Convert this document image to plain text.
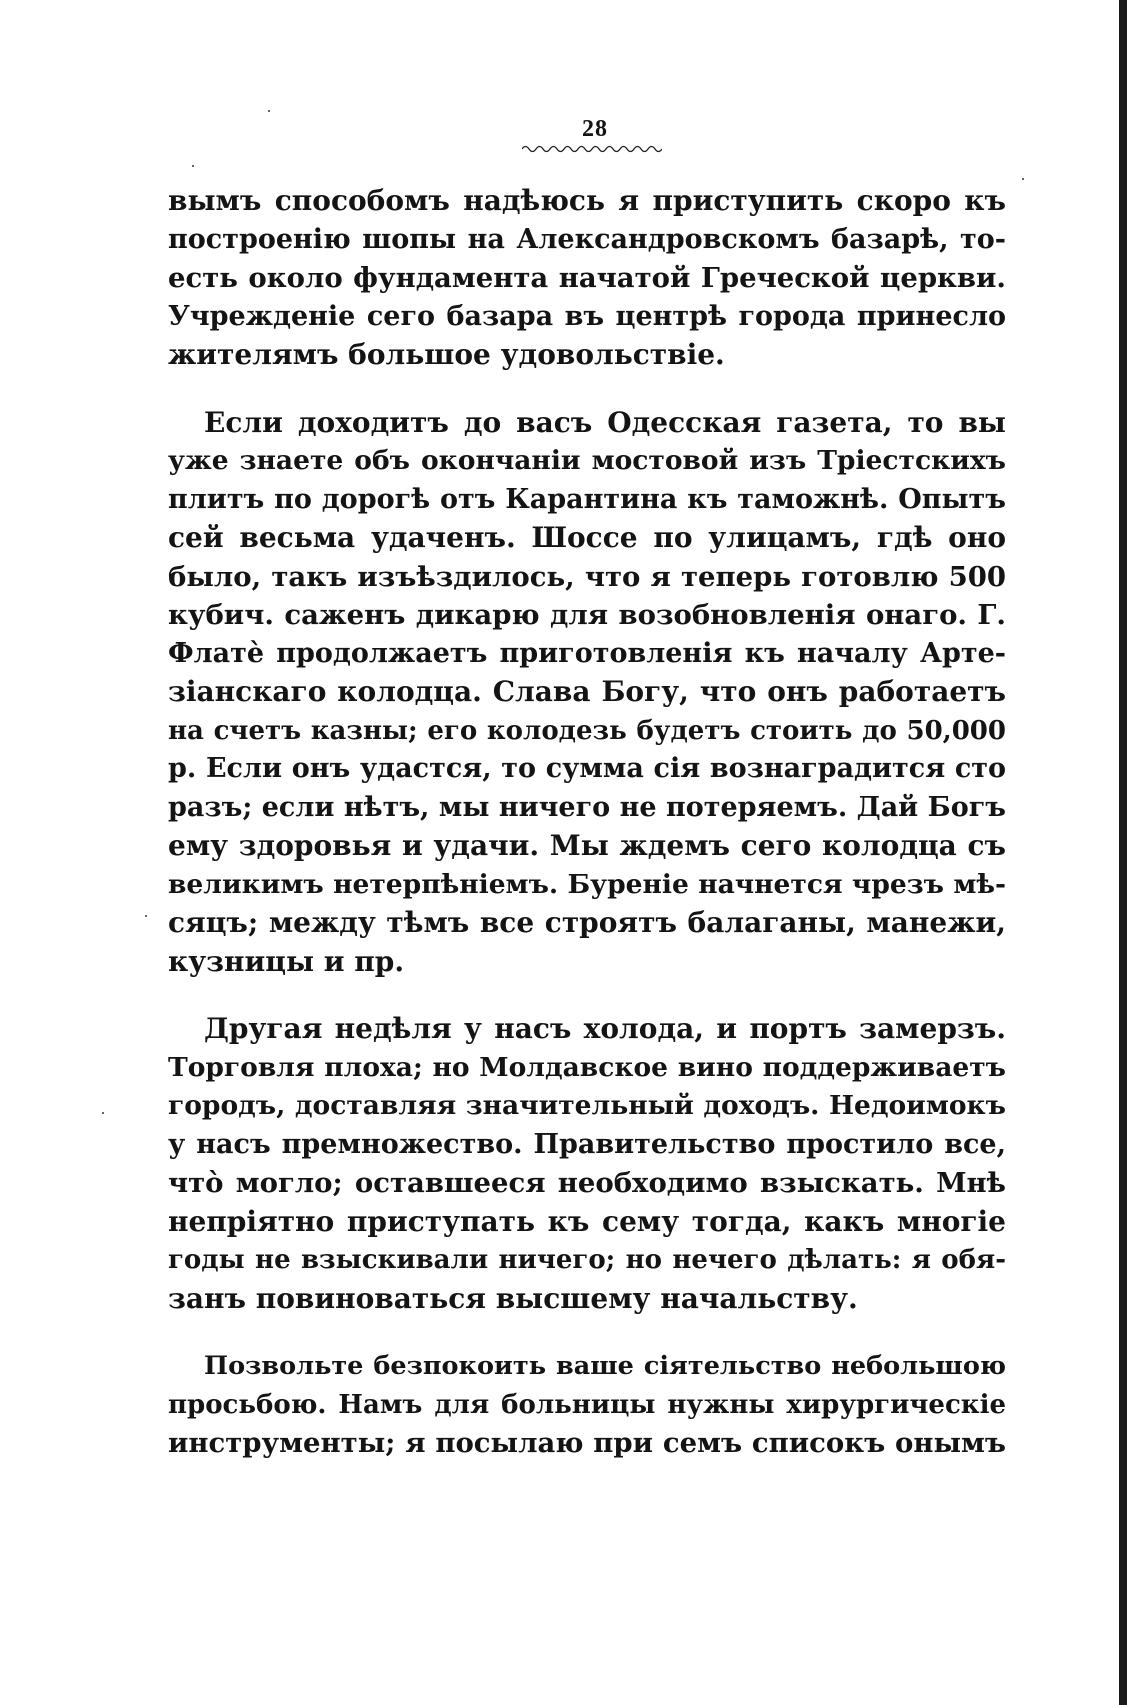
28
вымъ способомъ надѣюсь я приступить скоро къ
построенію шопы на Александровскомъ базарѣ, то-
есть около фундамента начатой Греческой церкви.
Учрежденіе сего базара въ центрѣ города принесло
жителямъ большое удовольствіе.
Если доходитъ до васъ Одесская газета, то вы
уже знаете объ окончаніи мостовой изъ Тріестскихъ
плитъ по дорогѣ отъ Карантина къ таможнѣ. Опытъ
сей весьма удаченъ. Шоссе по улицамъ, гдѣ оно
было, такъ изъѣздилось, что я теперь готовлю 500
кубич. саженъ дикарю для возобновленія онаго. Г.
Флатѐ продолжаетъ приготовленія къ началу Арте-
зіанскаго колодца. Слава Богу, что онъ работаетъ
на счетъ казны; его колодезь будетъ стоить до 50,000
р. Если онъ удастся, то сумма сія вознаградится сто
разъ; если нѣтъ, мы ничего не потеряемъ. Дай Богъ
ему здоровья и удачи. Мы ждемъ сего колодца съ
великимъ нетерпѣніемъ. Буреніе начнется чрезъ мѣ-
сяцъ; между тѣмъ все строятъ балаганы, манежи,
кузницы и пр.
Другая недѣля у насъ холода, и портъ замерзъ.
Торговля плоха; но Молдавское вино поддерживаетъ
городъ, доставляя значительный доходъ. Недоимокъ
у насъ премножество. Правительство простило все,
что̀ могло; оставшееся необходимо взыскать. Мнѣ
непріятно приступать къ сему тогда, какъ многіе
годы не взыскивали ничего; но нечего дѣлать: я обя-
занъ повиноваться высшему начальству.
Позвольте безпокоить ваше сіятельство небольшою
просьбою. Намъ для больницы нужны хирургическіе
инструменты; я посылаю при семъ списокъ онымъ
